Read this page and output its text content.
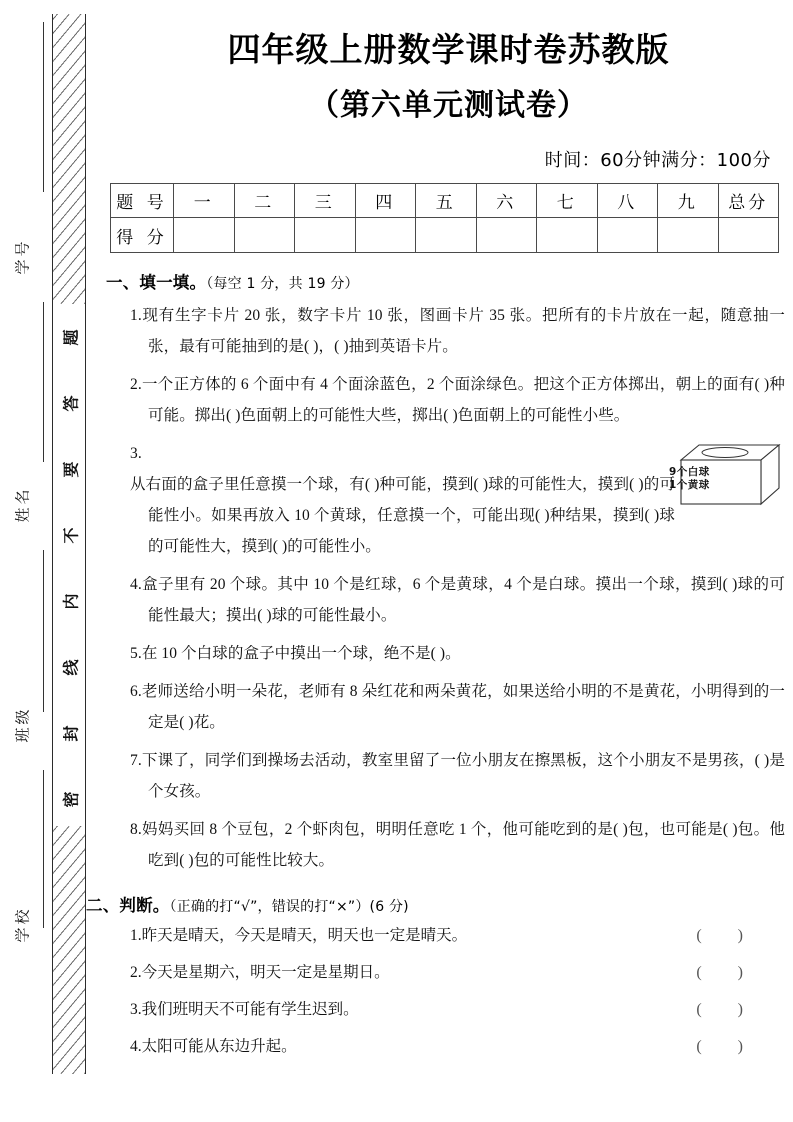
学号
姓名
班级
学校
题
答
要
不
内
线
封
密
四年级上册数学课时卷苏教版
（第六单元测试卷）
时间：60分钟满分：100分
题 号	一	二	三	四	五	六	七	八	九	总分
得 分										
一、填一填。（每空 1 分，共 19 分）
1.现有生字卡片 20 张，数字卡片 10 张，图画卡片 35 张。把所有的卡片放在一起，随意抽一张，最有可能抽到的是( )，( )抽到英语卡片。
2.一个正方体的 6 个面中有 4 个面涂蓝色，2 个面涂绿色。把这个正方体掷出，朝上的面有( )种可能。掷出( )色面朝上的可能性大些，掷出( )色面朝上的可能性小些。
3.
从右面的盒子里任意摸一个球，有( )种可能，摸到( )球的可能性大，摸到( )的可能性小。如果再放入 10 个黄球，任意摸一个，可能出现( )种结果，摸到( )球的可能性大，摸到( )的可能性小。
9个白球
1个黄球
4.盒子里有 20 个球。其中 10 个是红球，6 个是黄球，4 个是白球。摸出一个球，摸到( )球的可能性最大；摸出( )球的可能性最小。
5.在 10 个白球的盒子中摸出一个球，绝不是( )。
6.老师送给小明一朵花，老师有 8 朵红花和两朵黄花，如果送给小明的不是黄花，小明得到的一定是( )花。
7.下课了，同学们到操场去活动，教室里留了一位小朋友在擦黑板，这个小朋友不是男孩，( )是个女孩。
8.妈妈买回 8 个豆包，2 个虾肉包，明明任意吃 1 个，他可能吃到的是( )包，也可能是( )包。他吃到( )包的可能性比较大。
二、判断。（正确的打“√”，错误的打“×”）(6 分)
1. 昨天是晴天，今天是晴天，明天也一定是晴天。	( )
2. 今天是星期六，明天一定是星期日。	( )
3. 我们班明天不可能有学生迟到。	( )
4. 太阳可能从东边升起。	( )
